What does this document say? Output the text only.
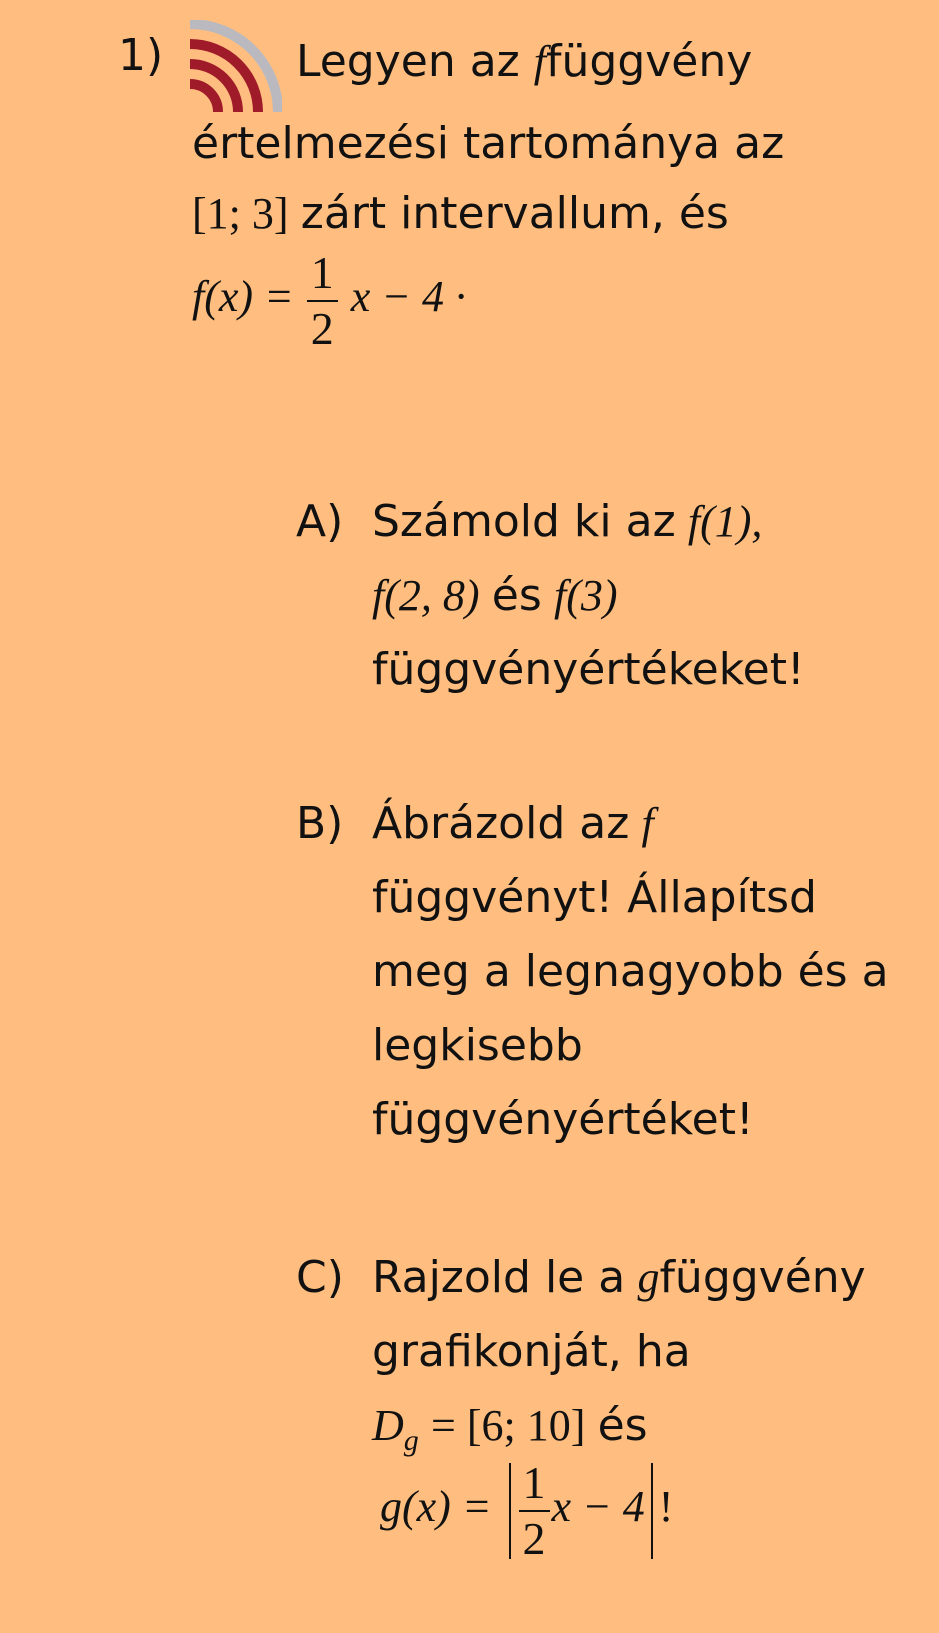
1)	Legyen az ffüggvény
értelmezési tartománya az
[1; 3] zárt intervallum, és
$f(x) = \frac{1}{2}$ x − 4 ·
A) Számold ki az f(1),
f(2, 8) és f(3)
függvényértékeket!
B) Ábrázold az f
függvényt! Állapítsd
meg a legnagyobb és a
legkisebb
függvényértéket!
C) Rajzold le a gfüggvény
grafikonját, ha
$D_g = [6$; 10] és
$g(x) = \frac{1}{2}$ x − 4 !
